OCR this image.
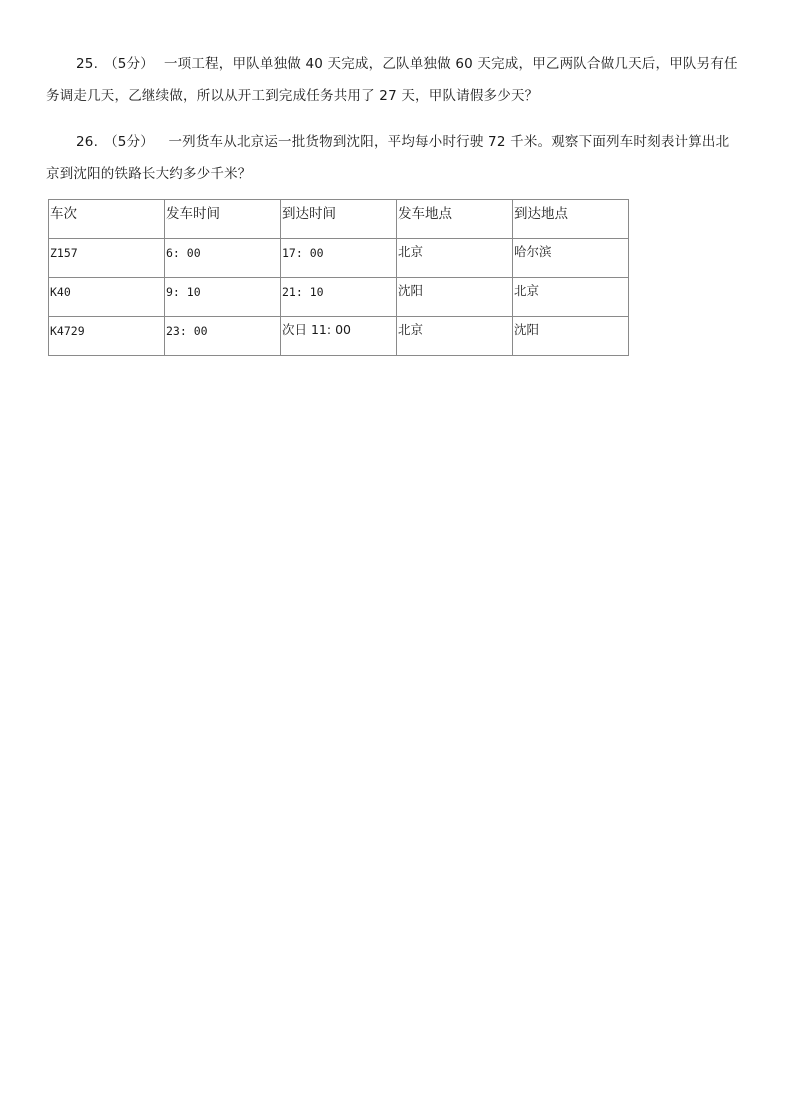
25. （5分） 一项工程，甲队单独做 40 天完成，乙队单独做 60 天完成，甲乙两队合做几天后，甲队另有任
务调走几天，乙继续做，所以从开工到完成任务共用了 27 天，甲队请假多少天？
26. （5分） 一列货车从北京运一批货物到沈阳，平均每小时行驶 72 千米。观察下面列车时刻表计算出北
京到沈阳的铁路长大约多少千米？
车次	发车时间	到达时间	发车地点	到达地点
Z157	6: 00	17: 00	北京	哈尔滨
K40	9: 10	21: 10	沈阳	北京
K4729	23: 00	次日 11: 00	北京	沈阳
